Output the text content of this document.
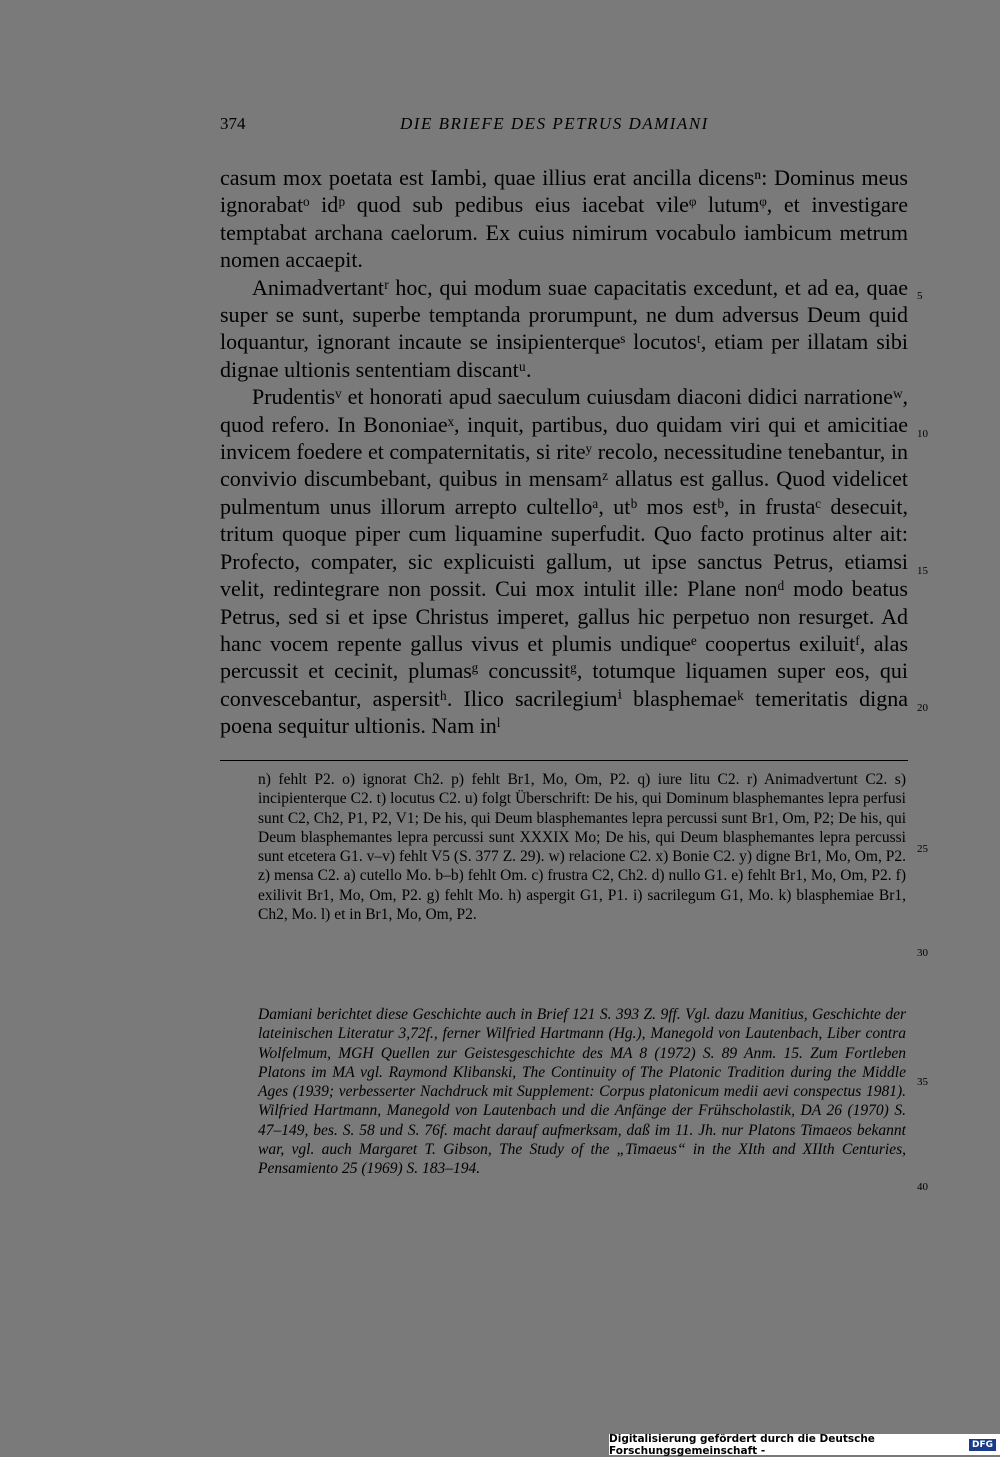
374	DIE BRIEFE DES PETRUS DAMIANI

casum mox poetata est Iambi, quae illius erat ancilla dicensⁿ: Dominus meus ignorabatᵒ idᵖ quod sub pedibus eius iacebat vileᵠ lutumᵠ, et investigare temptabat archana caelorum. Ex cuius nimirum vocabulo iambicum metrum nomen accaepit.

Animadvertantʳ hoc, qui modum suae capacitatis excedunt, et ad ea, quae super se sunt, superbe temptanda prorumpunt, ne dum adversus Deum quid loquantur, ignorant incaute se insipienterqueˢ locutosᵗ, etiam per illatam sibi dignae ultionis sententiam discantᵘ.

Prudentisᵛ et honorati apud saeculum cuiusdam diaconi didici narrationeʷ, quod refero. In Bononiaeˣ, inquit, partibus, duo quidam viri qui et amicitiae invicem foedere et compaternitatis, si riteʸ recolo, necessitudine tenebantur, in convivio discumbebant, quibus in mensamᶻ allatus est gallus. Quod videlicet pulmentum unus illorum arrepto cultelloᵃ, utᵇ mos estᵇ, in frustaᶜ desecuit, tritum quoque piper cum liquamine superfudit. Quo facto protinus alter ait: Profecto, compater, sic explicuisti gallum, ut ipse sanctus Petrus, etiamsi velit, redintegrare non possit. Cui mox intulit ille: Plane nonᵈ modo beatus Petrus, sed si et ipse Christus imperet, gallus hic perpetuo non resurget. Ad hanc vocem repente gallus vivus et plumis undiqueᵉ coopertus exiluitᶠ, alas percussit et cecinit, plumasᵍ concussitᵍ, totumque liquamen super eos, qui convescebantur, aspersitʰ. Ilico sacrilegiumⁱ blasphemaeᵏ temeritatis digna poena sequitur ultionis. Nam inˡ

5
10
15
20
25
30
35
40
n) fehlt P2. o) ignorat Ch2. p) fehlt Br1, Mo, Om, P2. q) iure litu C2. r) Animadvertunt C2. s) incipienterque C2. t) locutus C2. u) folgt Überschrift: De his, qui Dominum blasphemantes lepra perfusi sunt C2, Ch2, P1, P2, V1; De his, qui Deum blasphemantes lepra percussi sunt Br1, Om, P2; De his, qui Deum blasphemantes lepra percussi sunt XXXIX Mo; De his, qui Deum blasphemantes lepra percussi sunt etcetera G1. v–v) fehlt V5 (S. 377 Z. 29). w) relacione C2. x) Bonie C2. y) digne Br1, Mo, Om, P2. z) mensa C2. a) cutello Mo. b–b) fehlt Om. c) frustra C2, Ch2. d) nullo G1. e) fehlt Br1, Mo, Om, P2. f) exilivit Br1, Mo, Om, P2. g) fehlt Mo. h) aspergit G1, P1. i) sacrilegum G1, Mo. k) blasphemiae Br1, Ch2, Mo. l) et in Br1, Mo, Om, P2.
Damiani berichtet diese Geschichte auch in Brief 121 S. 393 Z. 9ff. Vgl. dazu Manitius, Geschichte der lateinischen Literatur 3,72f., ferner Wilfried Hartmann (Hg.), Manegold von Lautenbach, Liber contra Wolfelmum, MGH Quellen zur Geistesgeschichte des MA 8 (1972) S. 89 Anm. 15. Zum Fortleben Platons im MA vgl. Raymond Klibanski, The Continuity of The Platonic Tradition during the Middle Ages (1939; verbesserter Nachdruck mit Supplement: Corpus platonicum medii aevi conspectus 1981). Wilfried Hartmann, Manegold von Lautenbach und die Anfänge der Frühscholastik, DA 26 (1970) S. 47–149, bes. S. 58 und S. 76f. macht darauf aufmerksam, daß im 11. Jh. nur Platons Timaeos bekannt war, vgl. auch Margaret T. Gibson, The Study of the „Timaeus“ in the XIth and XIIth Centuries, Pensamiento 25 (1969) S. 183–194.
Digitalisierung gefördert durch die Deutsche Forschungsgemeinschaft -	DFG
